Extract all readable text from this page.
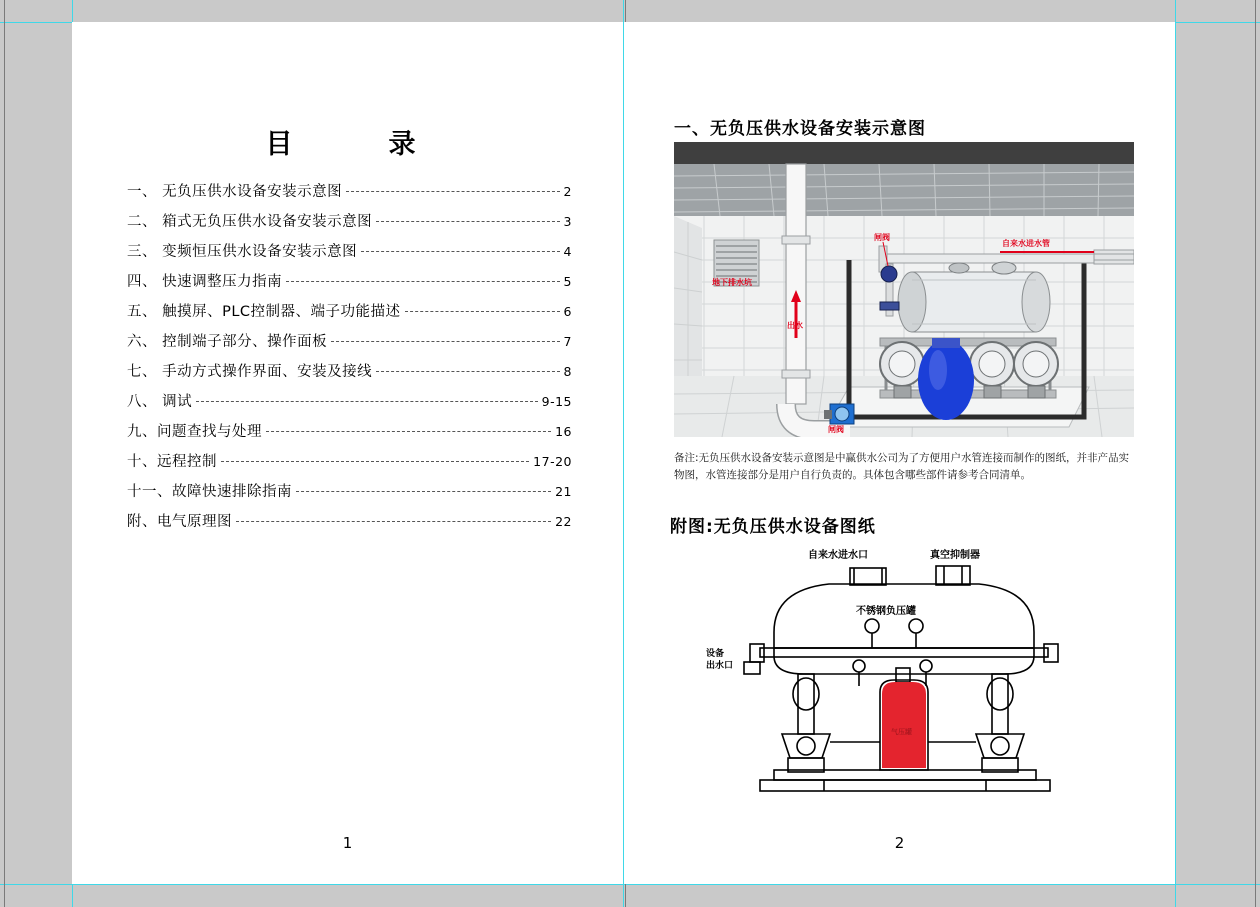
目　　录
一、 无负压供水设备安装示意图	2
二、 箱式无负压供水设备安装示意图	3
三、 变频恒压供水设备安装示意图	4
四、 快速调整压力指南	5
五、 触摸屏、PLC控制器、端子功能描述	6
六、 控制端子部分、操作面板	7
七、 手动方式操作界面、安装及接线	8
八、 调试	9-15
九、问题查找与处理	16
十、远程控制	17-20
十一、故障快速排除指南	21
附、电气原理图	22
1
一、无负压供水设备安装示意图
自来水进水管
闸阀
地下排水坑
出水
闸阀
备注:无负压供水设备安装示意图是中赢供水公司为了方便用户水管连接而制作的图纸，并非产品实物图，水管连接部分是用户自行负责的。具体包含哪些部件请参考合同清单。
附图:无负压供水设备图纸
气压罐
自来水进水口	真空抑制器
不锈钢负压罐
设备
出水口
2
